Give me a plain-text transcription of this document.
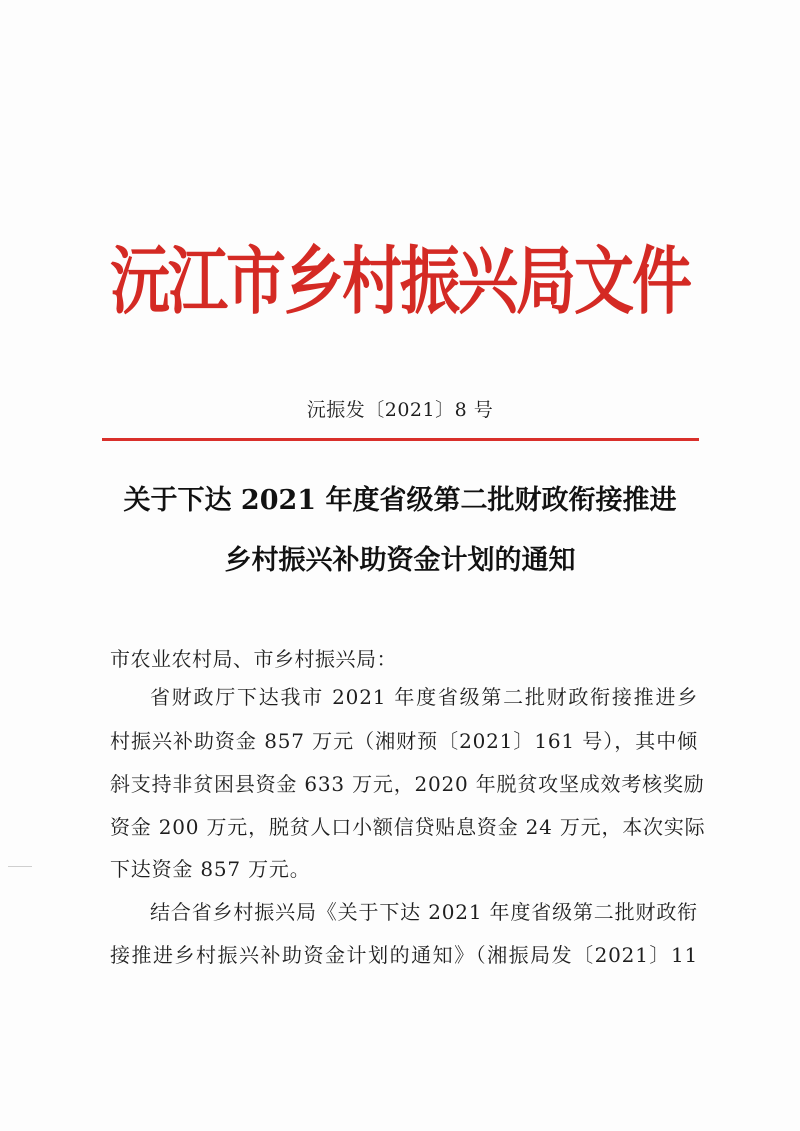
沅江市乡村振兴局文件
沅振发〔2021〕8 号
关于下达 2021 年度省级第二批财政衔接推进
乡村振兴补助资金计划的通知
市农业农村局、市乡村振兴局：
省财政厅下达我市 2021 年度省级第二批财政衔接推进乡
村振兴补助资金 857 万元（湘财预〔2021〕161 号），其中倾
斜支持非贫困县资金 633 万元，2020 年脱贫攻坚成效考核奖励
资金 200 万元，脱贫人口小额信贷贴息资金 24 万元，本次实际
下达资金 857 万元。
结合省乡村振兴局《关于下达 2021 年度省级第二批财政衔
接推进乡村振兴补助资金计划的通知》（湘振局发〔2021〕11
